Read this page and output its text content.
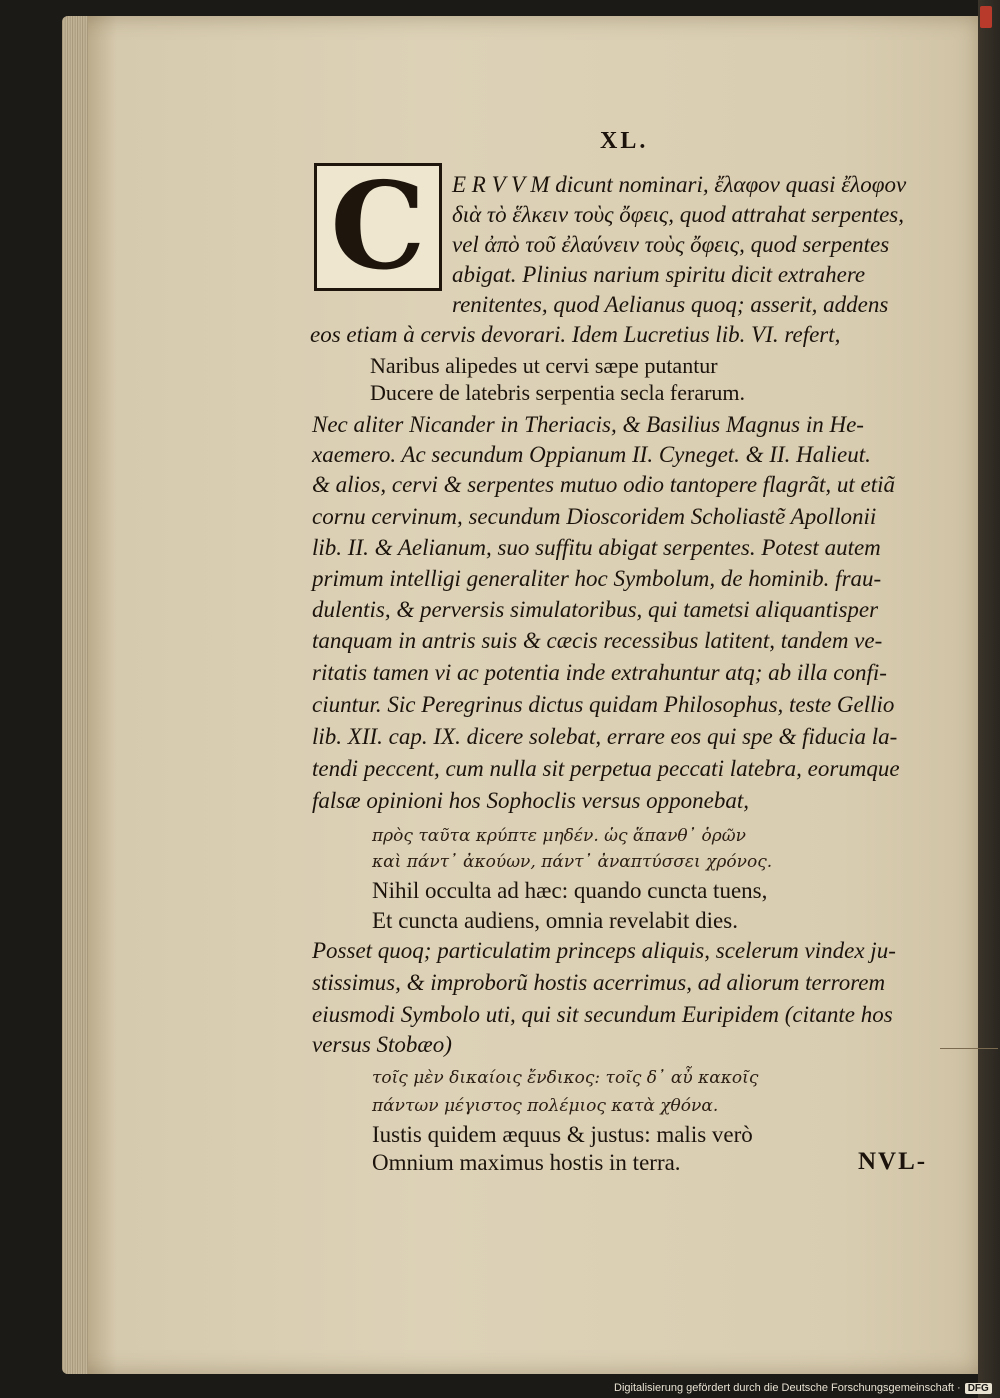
XL.
C E R V V M dicunt nominari, ἔλαφον quasi ἔλοφον
διὰ τὸ ἕλκειν τοὺς ὄφεις, quod attrahat serpentes,
vel ἀπὸ τοῦ ἐλαύνειν τοὺς ὄφεις, quod serpentes
abigat. Plinius narium spiritu dicit extrahere
renitentes, quod Aelianus quoq; asserit, addens
eos etiam à cervis devorari. Idem Lucretius lib. VI. refert,
Naribus alipedes ut cervi sæpe putantur
Ducere de latebris serpentia secla ferarum.
Nec aliter Nicander in Theriacis, & Basilius Magnus in He-
xaemero. Ac secundum Oppianum II. Cyneget. & II. Halieut.
& alios, cervi & serpentes mutuo odio tantopere flagrãt, ut etiã
cornu cervinum, secundum Dioscoridem Scholiastẽ Apollonii
lib. II. & Aelianum, suo suffitu abigat serpentes. Potest autem
primum intelligi generaliter hoc Symbolum, de hominib. frau-
dulentis, & perversis simulatoribus, qui tametsi aliquantisper
tanquam in antris suis & cæcis recessibus latitent, tandem ve-
ritatis tamen vi ac potentia inde extrahuntur atq; ab illa confi-
ciuntur. Sic Peregrinus dictus quidam Philosophus, teste Gellio
lib. XII. cap. IX. dicere solebat, errare eos qui spe & fiducia la-
tendi peccent, cum nulla sit perpetua peccati latebra, eorumque
falsæ opinioni hos Sophoclis versus opponebat,
πρὸς ταῦτα κρύπτε μηδέν. ὡς ἅπανθ᾽ ὁρῶν
καὶ πάντ᾽ ἀκούων, πάντ᾽ ἀναπτύσσει χρόνος.
Nihil occulta ad hæc: quando cuncta tuens,
Et cuncta audiens, omnia revelabit dies.
Posset quoq; particulatim princeps aliquis, scelerum vindex ju-
stissimus, & improborũ hostis acerrimus, ad aliorum terrorem
eiusmodi Symbolo uti, qui sit secundum Euripidem (citante hos
versus Stobæo)
τοῖς μὲν δικαίοις ἔνδικος: τοῖς δ᾽ αὖ κακοῖς
πάντων μέγιστος πολέμιος κατὰ χθόνα.
Iustis quidem æquus & justus: malis verò
Omnium maximus hostis in terra.	NVL-
Digitalisierung gefördert durch die Deutsche Forschungsgemeinschaft · DFG
